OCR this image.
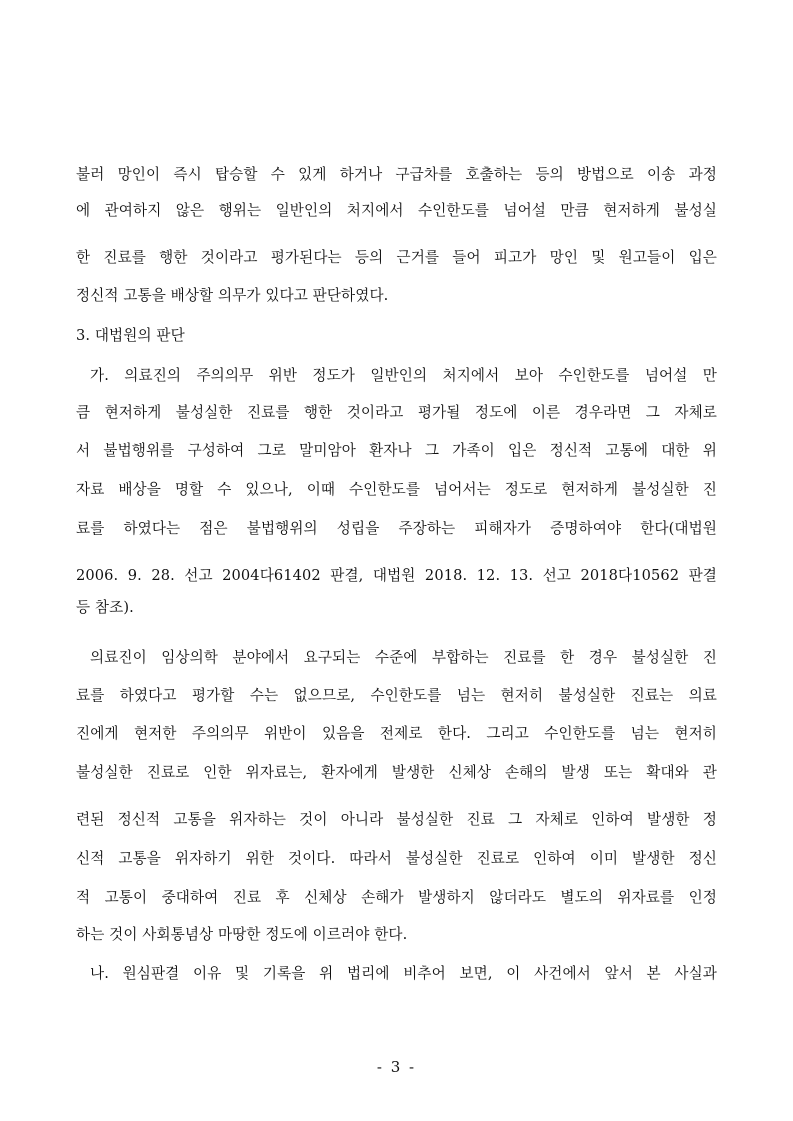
불러 망인이 즉시 탑승할 수 있게 하거나 구급차를 호출하는 등의 방법으로 이송 과정
에 관여하지 않은 행위는 일반인의 처지에서 수인한도를 넘어설 만큼 현저하게 불성실
한 진료를 행한 것이라고 평가된다는 등의 근거를 들어 피고가 망인 및 원고들이 입은
정신적 고통을 배상할 의무가 있다고 판단하였다.
3. 대법원의 판단
가. 의료진의 주의의무 위반 정도가 일반인의 처지에서 보아 수인한도를 넘어설 만
큼 현저하게 불성실한 진료를 행한 것이라고 평가될 정도에 이른 경우라면 그 자체로
서 불법행위를 구성하여 그로 말미암아 환자나 그 가족이 입은 정신적 고통에 대한 위
자료 배상을 명할 수 있으나, 이때 수인한도를 넘어서는 정도로 현저하게 불성실한 진
료를 하였다는 점은 불법행위의 성립을 주장하는 피해자가 증명하여야 한다(대법원
2006. 9. 28. 선고 2004다61402 판결, 대법원 2018. 12. 13. 선고 2018다10562 판결
등 참조).
의료진이 임상의학 분야에서 요구되는 수준에 부합하는 진료를 한 경우 불성실한 진
료를 하였다고 평가할 수는 없으므로, 수인한도를 넘는 현저히 불성실한 진료는 의료
진에게 현저한 주의의무 위반이 있음을 전제로 한다. 그리고 수인한도를 넘는 현저히
불성실한 진료로 인한 위자료는, 환자에게 발생한 신체상 손해의 발생 또는 확대와 관
련된 정신적 고통을 위자하는 것이 아니라 불성실한 진료 그 자체로 인하여 발생한 정
신적 고통을 위자하기 위한 것이다. 따라서 불성실한 진료로 인하여 이미 발생한 정신
적 고통이 중대하여 진료 후 신체상 손해가 발생하지 않더라도 별도의 위자료를 인정
하는 것이 사회통념상 마땅한 정도에 이르러야 한다.
나. 원심판결 이유 및 기록을 위 법리에 비추어 보면, 이 사건에서 앞서 본 사실과
- 3 -
